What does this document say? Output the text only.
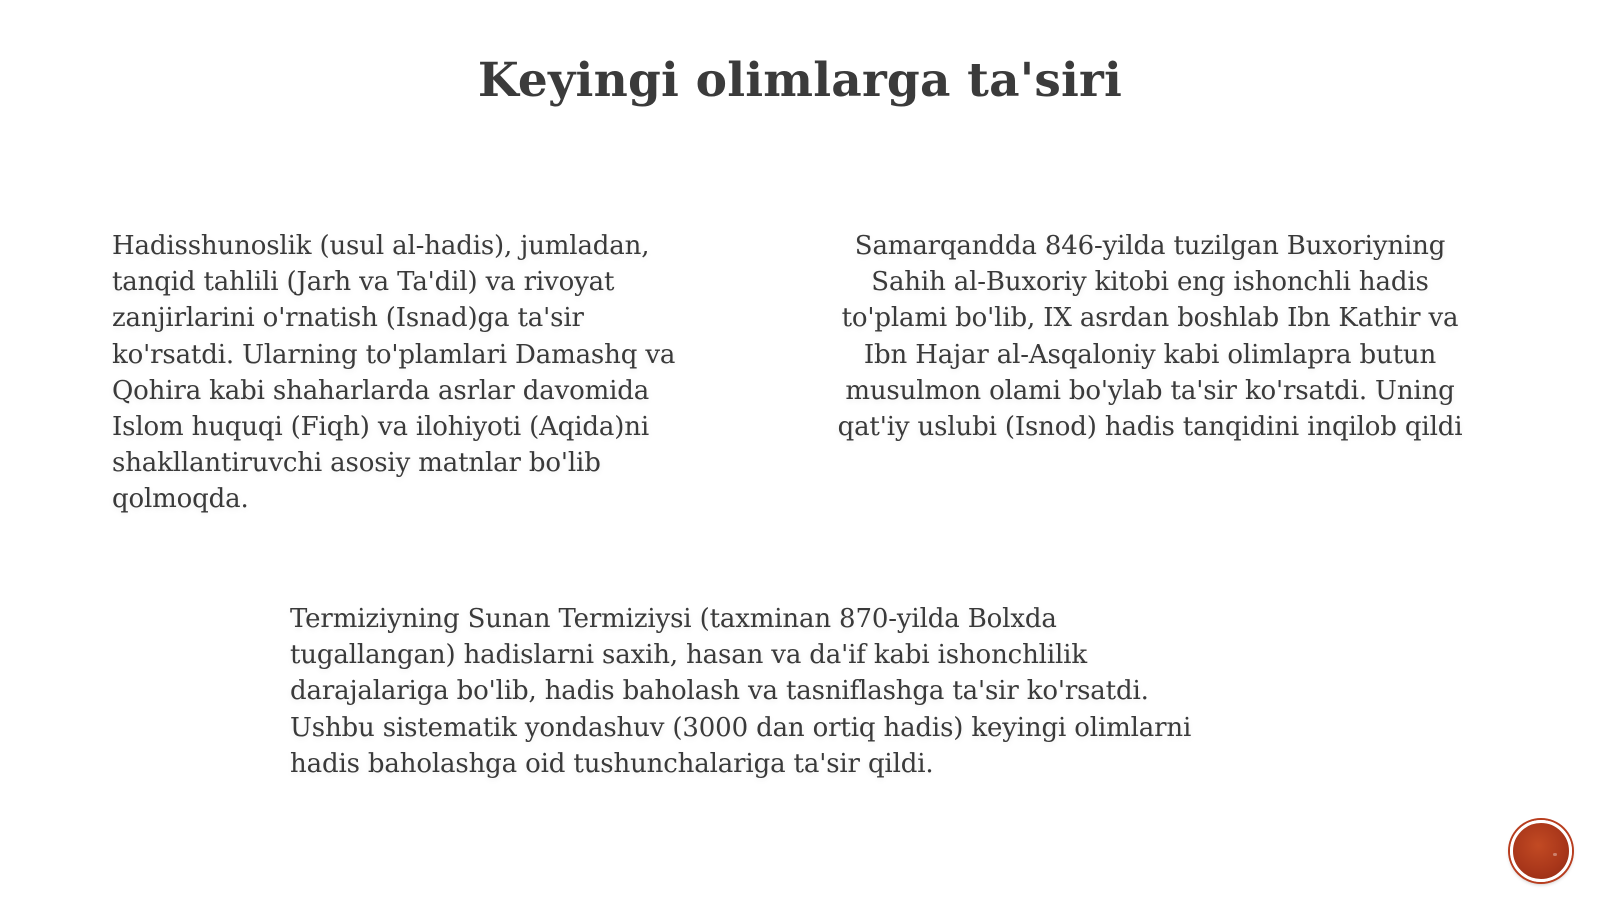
Keyingi olimlarga ta'siri
Hadisshunoslik (usul al-hadis), jumladan,
tanqid tahlili (Jarh va Ta'dil) va rivoyat
zanjirlarini o'rnatish (Isnad)ga ta'sir
ko'rsatdi. Ularning to'plamlari Damashq va
Qohira kabi shaharlarda asrlar davomida
Islom huquqi (Fiqh) va ilohiyoti (Aqida)ni
shakllantiruvchi asosiy matnlar bo'lib
qolmoqda.
Samarqandda 846-yilda tuzilgan Buxoriyning
Sahih al-Buxoriy kitobi eng ishonchli hadis
to'plami bo'lib, IX asrdan boshlab Ibn Kathir va
Ibn Hajar al-Asqaloniy kabi olimlapra butun
musulmon olami bo'ylab ta'sir ko'rsatdi. Uning
qat'iy uslubi (Isnod) hadis tanqidini inqilob qildi
Termiziyning Sunan Termiziysi (taxminan 870-yilda Bolxda
tugallangan) hadislarni saxih, hasan va da'if kabi ishonchlilik
darajalariga bo'lib, hadis baholash va tasniflashga ta'sir ko'rsatdi.
Ushbu sistematik yondashuv (3000 dan ortiq hadis) keyingi olimlarni
hadis baholashga oid tushunchalariga ta'sir qildi.
